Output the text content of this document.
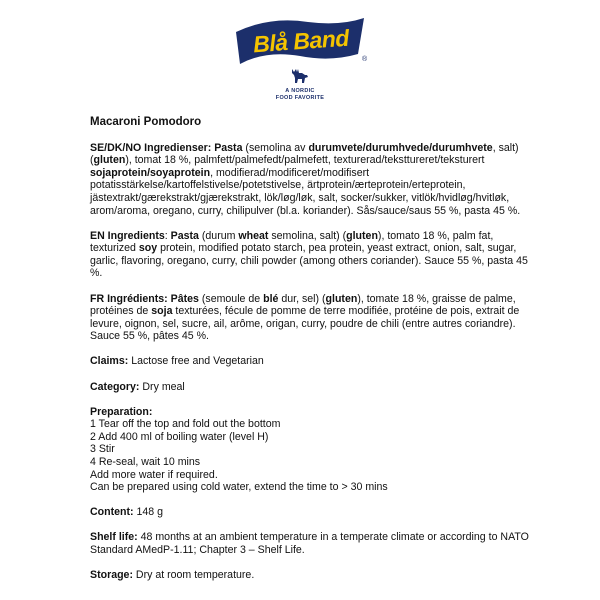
Blå Band
®
A NORDIC
FOOD FAVORITE
Macaroni Pomodoro
SE/DK/NO Ingredienser: Pasta (semolina av durumvete/durumhvede/durumhvete, salt) (gluten), tomat 18 %, palmfett/palmefedt/palmefett, texturerad/teksttureret/teksturert sojaprotein/soyaprotein, modifierad/modificeret/modifisert potatisstärkelse/kartoffelstivelse/potetstivelse, ärtprotein/ærteprotein/erteprotein, jästextrakt/gærekstrakt/gjærekstrakt, lök/løg/løk, salt, socker/sukker, vitlök/hvidløg/hvitløk, arom/aroma, oregano, curry, chilipulver (bl.a. koriander). Sås/sauce/saus 55 %, pasta 45 %.
EN Ingredients: Pasta (durum wheat semolina, salt) (gluten), tomato 18 %, palm fat, texturized soy protein, modified potato starch, pea protein, yeast extract, onion, salt, sugar, garlic, flavoring, oregano, curry, chili powder (among others coriander). Sauce 55 %, pasta 45 %.
FR Ingrédients: Pâtes (semoule de blé dur, sel) (gluten), tomate 18 %, graisse de palme, protéines de soja texturées, fécule de pomme de terre modifiée, protéine de pois, extrait de levure, oignon, sel, sucre, ail, arôme, origan, curry, poudre de chili (entre autres coriandre). Sauce 55 %, pâtes 45 %.
Claims: Lactose free and Vegetarian
Category: Dry meal
Preparation:
1 Tear off the top and fold out the bottom
2 Add 400 ml of boiling water (level H)
3 Stir
4 Re-seal, wait 10 mins
Add more water if required.
Can be prepared using cold water, extend the time to > 30 mins
Content: 148 g
Shelf life: 48 months at an ambient temperature in a temperate climate or according to NATO Standard AMedP-1.11; Chapter 3 – Shelf Life.
Storage: Dry at room temperature.
